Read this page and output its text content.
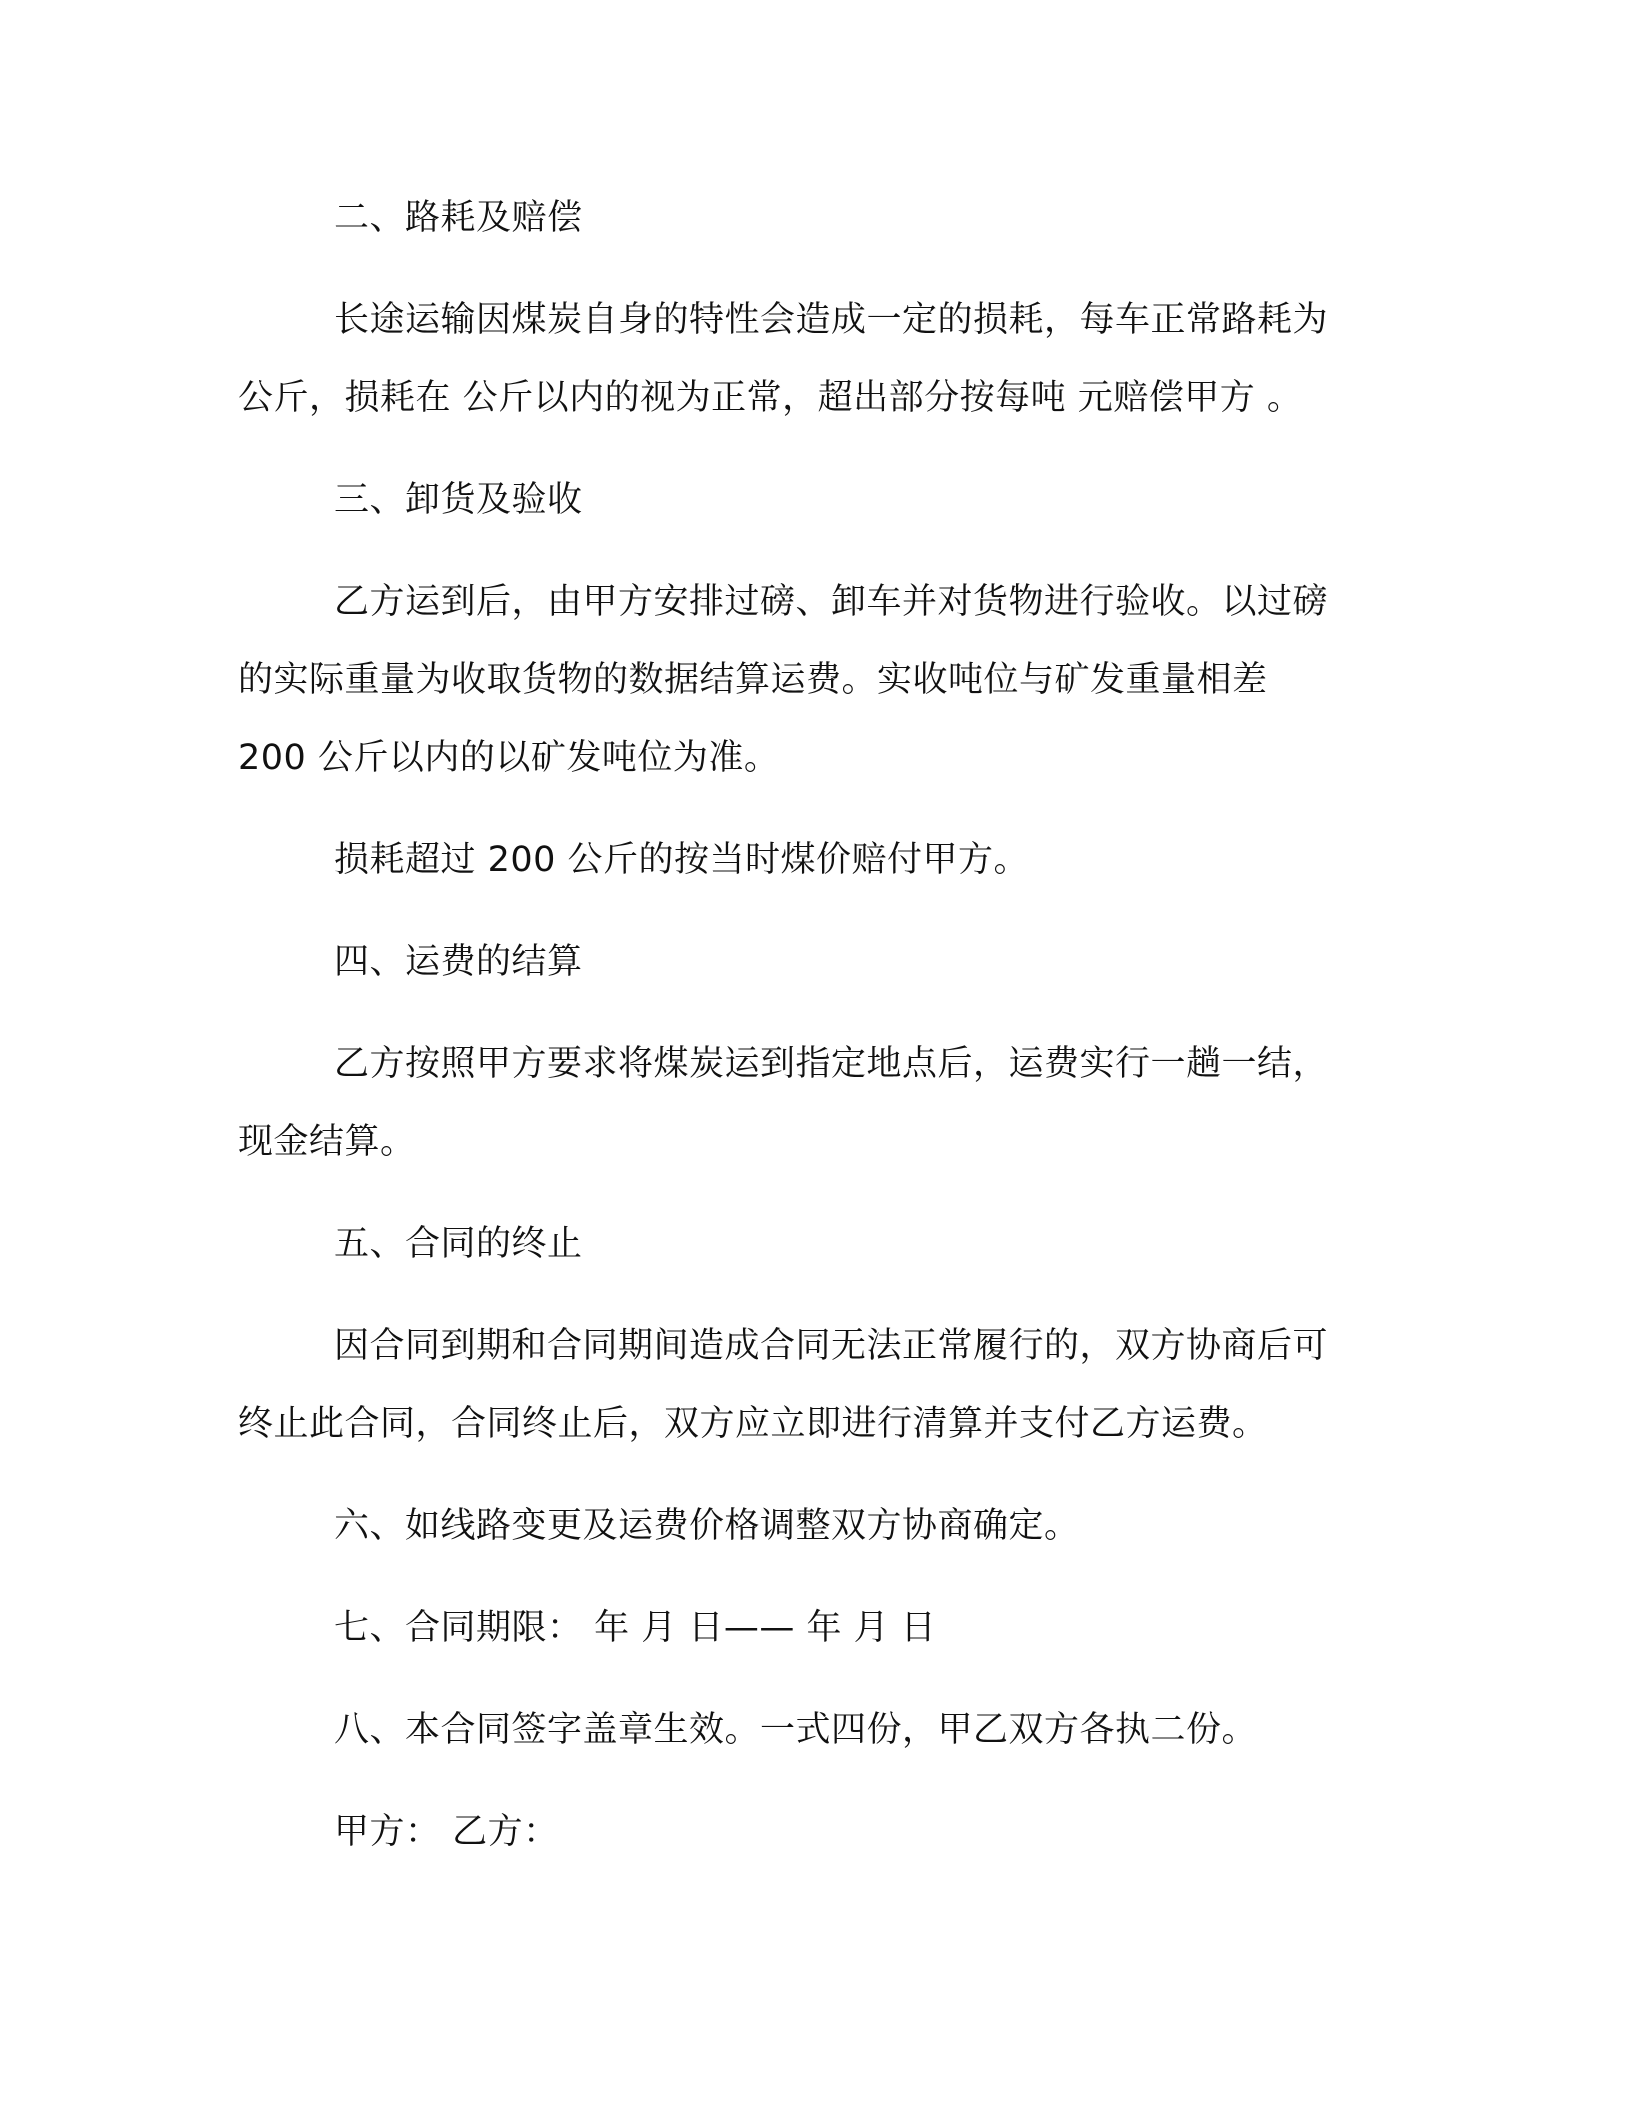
二、路耗及赔偿
长途运输因煤炭自身的特性会造成一定的损耗，每车正常路耗为
公斤，损耗在 公斤以内的视为正常，超出部分按每吨 元赔偿甲方 。
三、卸货及验收
乙方运到后，由甲方安排过磅、卸车并对货物进行验收。以过磅
的实际重量为收取货物的数据结算运费。实收吨位与矿发重量相差
200 公斤以内的以矿发吨位为准。
损耗超过 200 公斤的按当时煤价赔付甲方。
四、运费的结算
乙方按照甲方要求将煤炭运到指定地点后，运费实行一趟一结，
现金结算。
五、合同的终止
因合同到期和合同期间造成合同无法正常履行的，双方协商后可
终止此合同，合同终止后，双方应立即进行清算并支付乙方运费。
六、如线路变更及运费价格调整双方协商确定。
七、合同期限： 年 月 日—— 年 月 日
八、本合同签字盖章生效。一式四份，甲乙双方各执二份。
甲方： 乙方：
